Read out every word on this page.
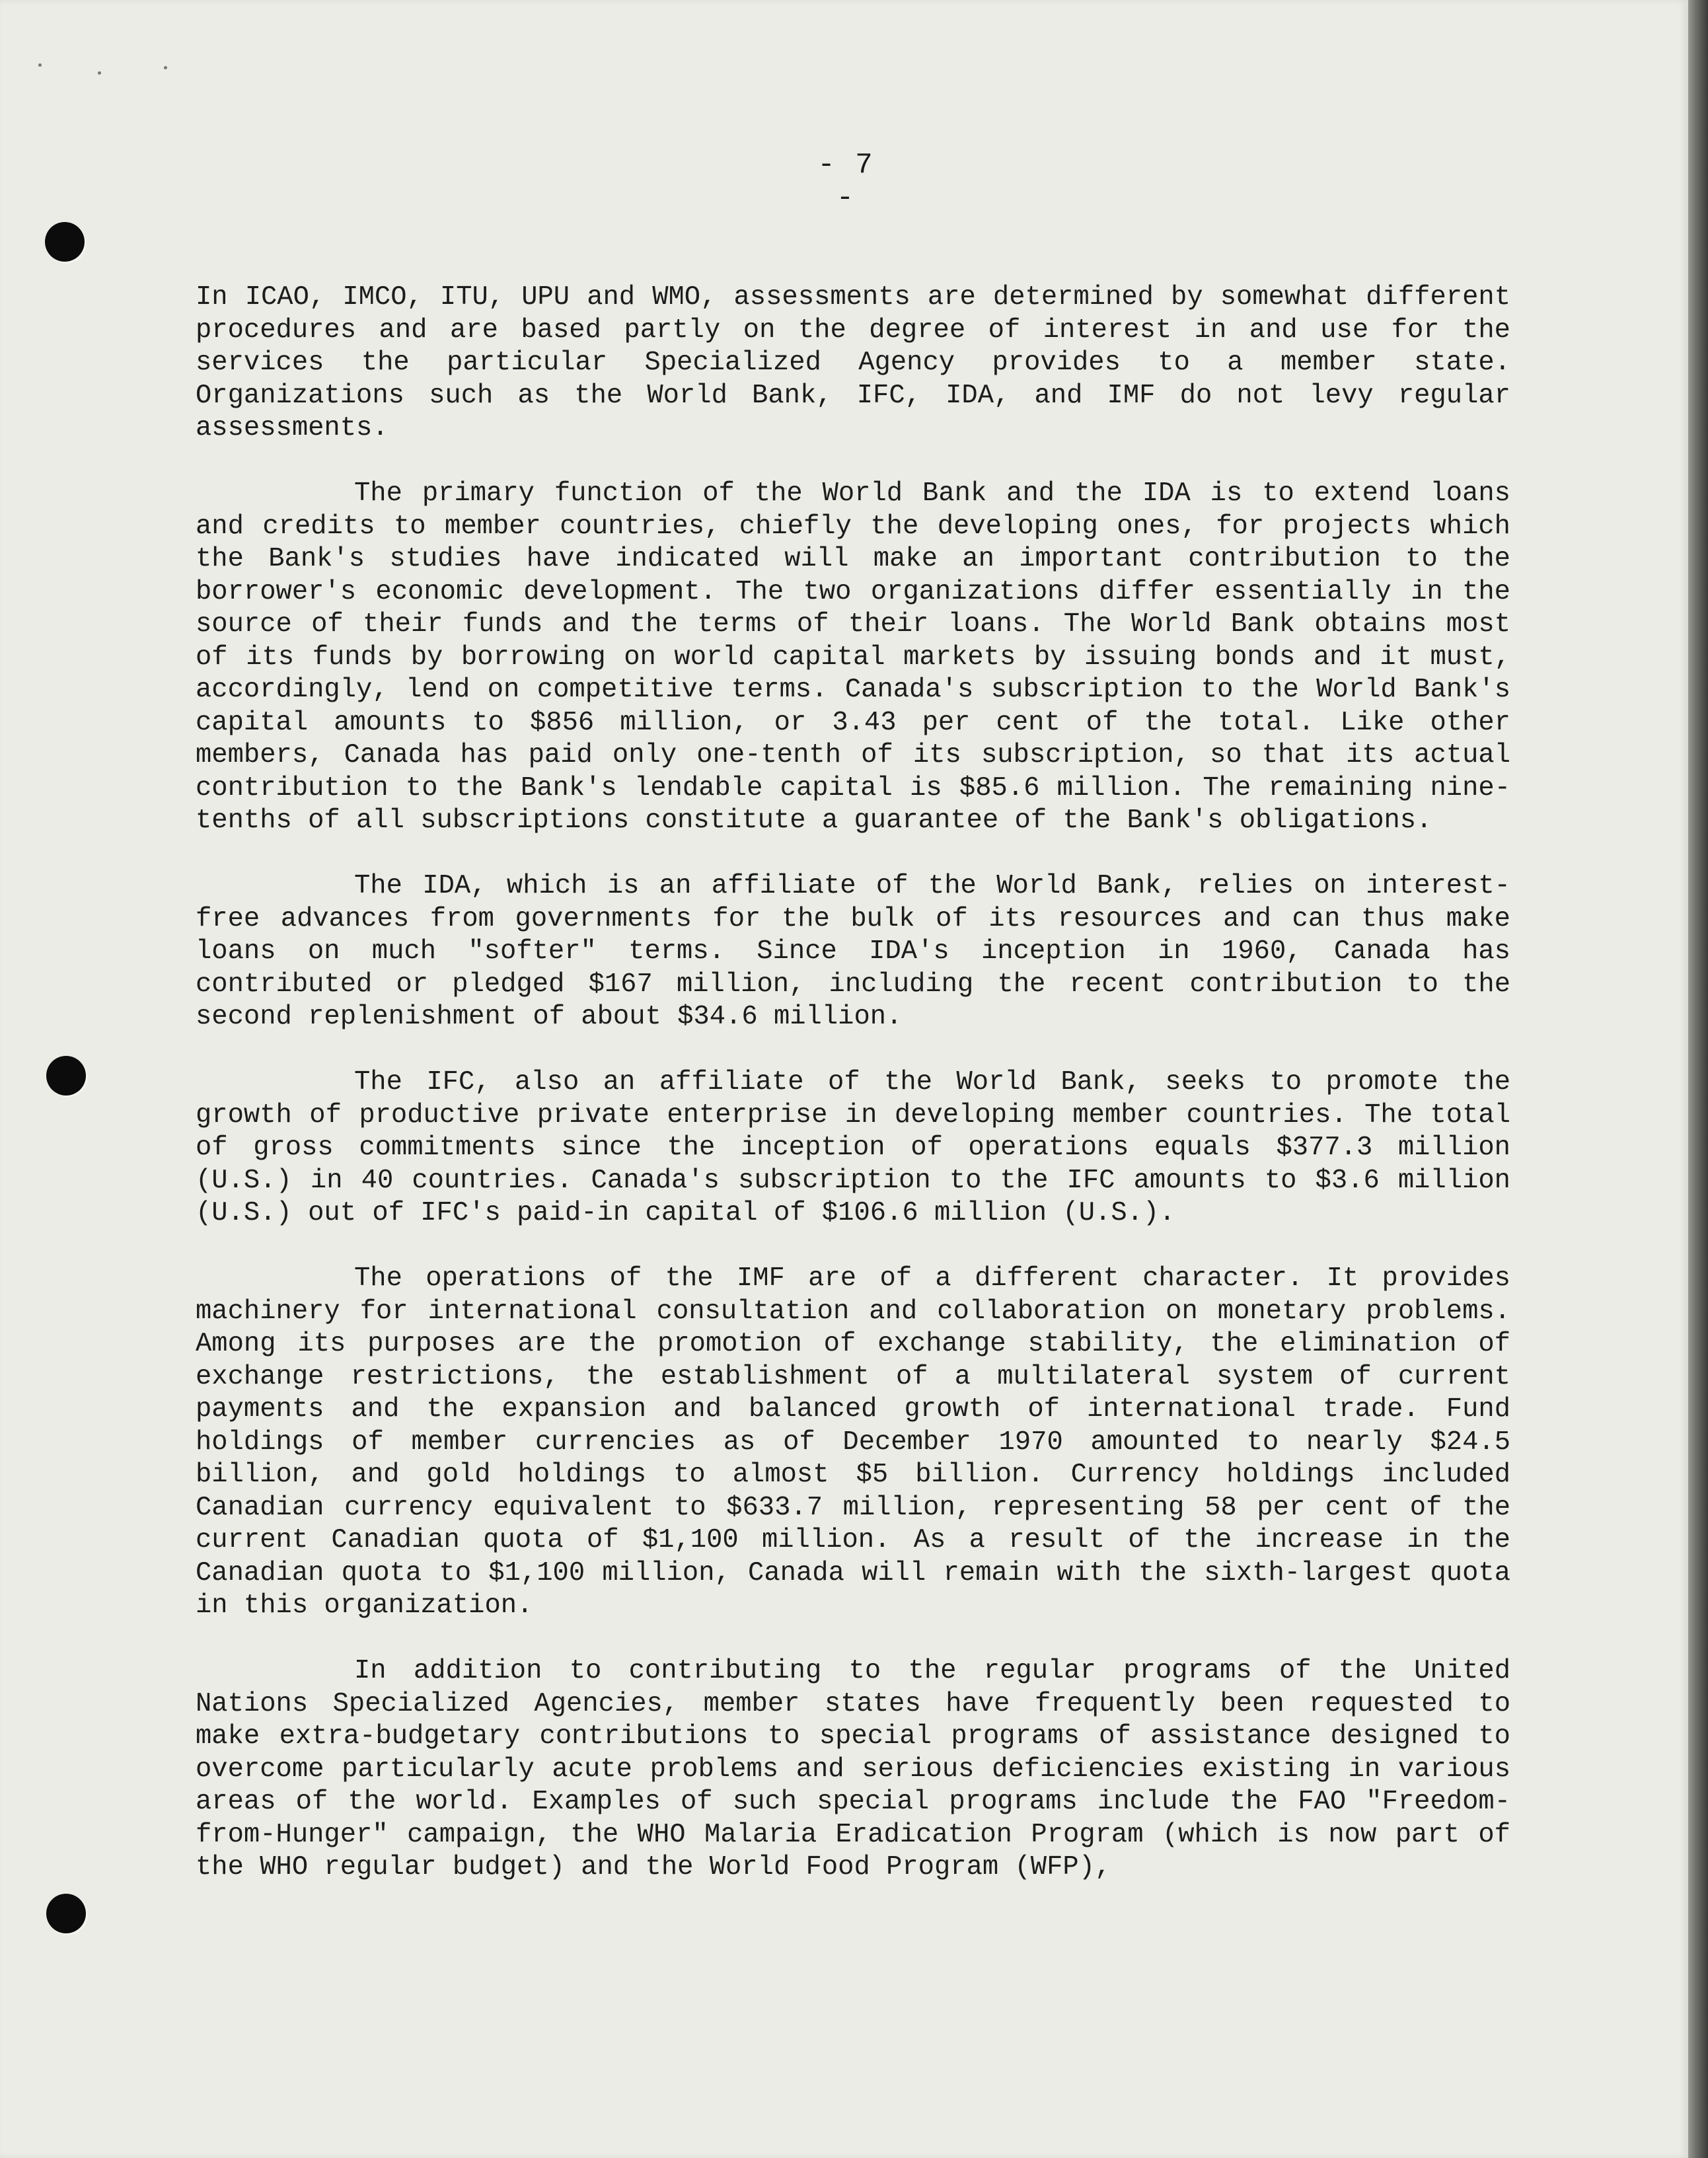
- 7 -

In ICAO, IMCO, ITU, UPU and WMO, assessments are determined by somewhat different procedures and are based partly on the degree of interest in and use for the services the particular Specialized Agency provides to a member state. Organizations such as the World Bank, IFC, IDA, and IMF do not levy regular assessments.

The primary function of the World Bank and the IDA is to extend loans and credits to member countries, chiefly the developing ones, for projects which the Bank's studies have indicated will make an important contribution to the borrower's economic development. The two organizations differ essentially in the source of their funds and the terms of their loans. The World Bank obtains most of its funds by borrowing on world capital markets by issuing bonds and it must, accordingly, lend on competitive terms. Canada's subscription to the World Bank's capital amounts to $856 million, or 3.43 per cent of the total. Like other members, Canada has paid only one-tenth of its subscription, so that its actual contribution to the Bank's lendable capital is $85.6 million. The remaining nine-tenths of all subscriptions constitute a guarantee of the Bank's obligations.

The IDA, which is an affiliate of the World Bank, relies on interest-free advances from governments for the bulk of its resources and can thus make loans on much "softer" terms. Since IDA's inception in 1960, Canada has contributed or pledged $167 million, including the recent contribution to the second replenishment of about $34.6 million.

The IFC, also an affiliate of the World Bank, seeks to promote the growth of productive private enterprise in developing member countries. The total of gross commitments since the inception of operations equals $377.3 million (U.S.) in 40 countries. Canada's subscription to the IFC amounts to $3.6 million (U.S.) out of IFC's paid-in capital of $106.6 million (U.S.).

The operations of the IMF are of a different character. It provides machinery for international consultation and collaboration on monetary problems. Among its purposes are the promotion of exchange stability, the elimination of exchange restrictions, the establishment of a multilateral system of current payments and the expansion and balanced growth of international trade. Fund holdings of member currencies as of December 1970 amounted to nearly $24.5 billion, and gold holdings to almost $5 billion. Currency holdings included Canadian currency equivalent to $633.7 million, representing 58 per cent of the current Canadian quota of $1,100 million. As a result of the increase in the Canadian quota to $1,100 million, Canada will remain with the sixth-largest quota in this organization.

In addition to contributing to the regular programs of the United Nations Specialized Agencies, member states have frequently been requested to make extra-budgetary contributions to special programs of assistance designed to overcome particularly acute problems and serious deficiencies existing in various areas of the world. Examples of such special programs include the FAO "Freedom-from-Hunger" campaign, the WHO Malaria Eradication Program (which is now part of the WHO regular budget) and the World Food Program (WFP),
